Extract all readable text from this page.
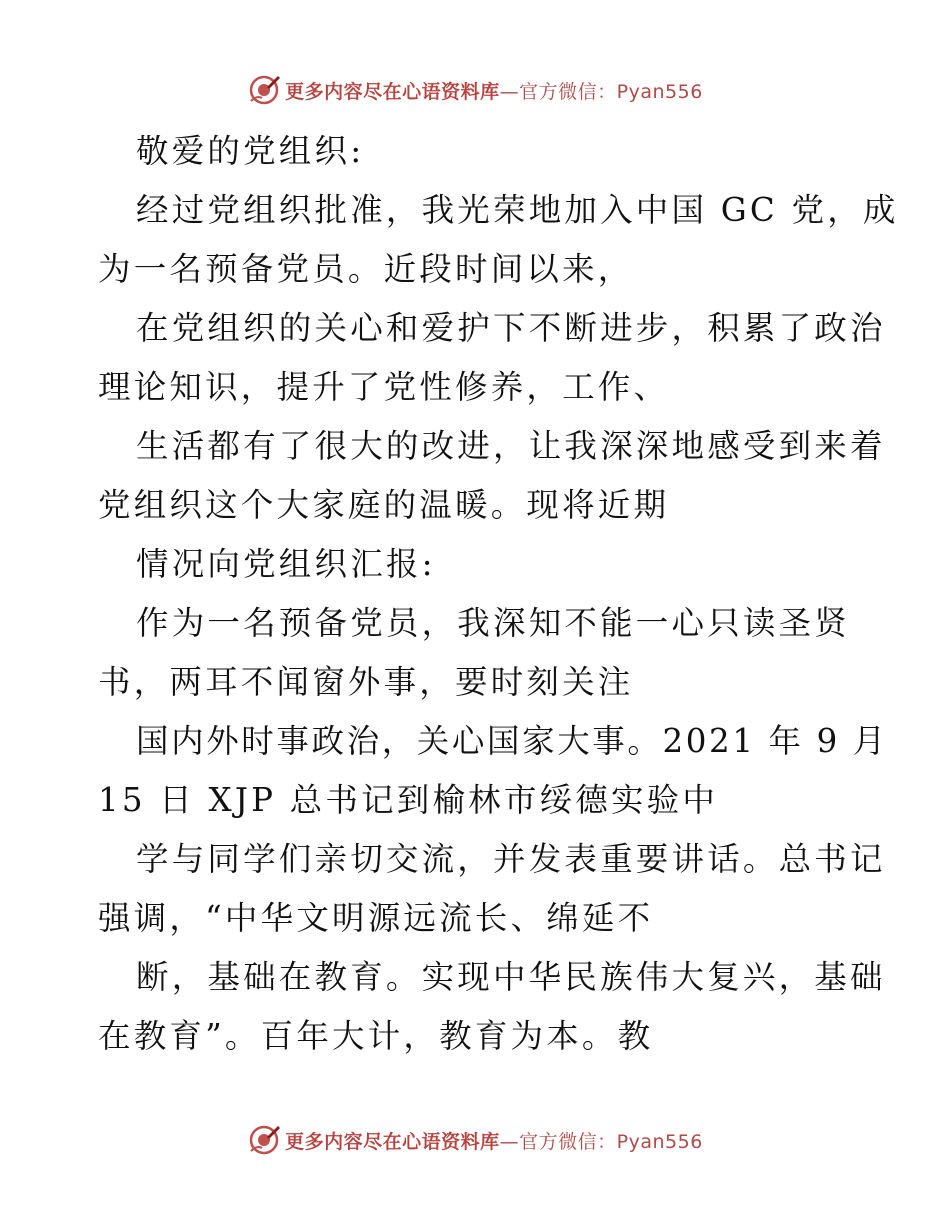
更多内容尽在心语资料库—官方微信：Pyan556
敬爱的党组织:
经过党组织批准，我光荣地加入中国 GC 党，成
为一名预备党员。近段时间以来，
在党组织的关心和爱护下不断进步，积累了政治
理论知识，提升了党性修养，工作、
生活都有了很大的改进，让我深深地感受到来着
党组织这个大家庭的温暖。现将近期
情况向党组织汇报:
作为一名预备党员，我深知不能一心只读圣贤
书，两耳不闻窗外事，要时刻关注
国内外时事政治，关心国家大事。2021 年 9 月
15 日 XJP 总书记到榆林市绥德实验中
学与同学们亲切交流，并发表重要讲话。总书记
强调，“中华文明源远流长、绵延不
断，基础在教育。实现中华民族伟大复兴，基础
在教育”。百年大计，教育为本。教
更多内容尽在心语资料库—官方微信：Pyan556
